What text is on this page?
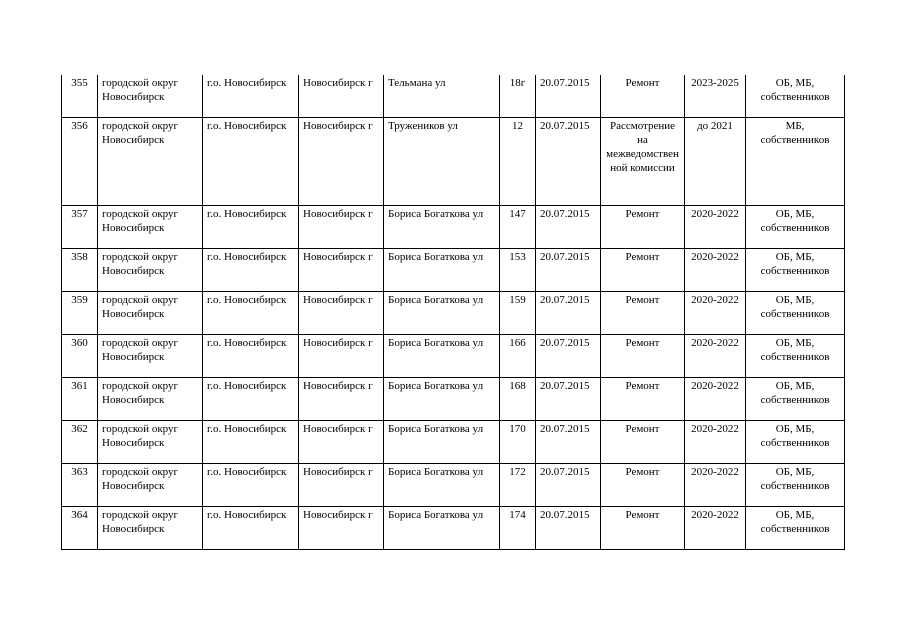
355	городской округ Новосибирск	г.о. Новосибирск	Новосибирск г	Тельмана ул	18г	20.07.2015	Ремонт	2023-2025	ОБ, МБ, собственников
356	городской округ Новосибирск	г.о. Новосибирск	Новосибирск г	Тружеников ул	12	20.07.2015	Рассмотрение на межведомственной комиссии	до 2021	МБ, собственников
357	городской округ Новосибирск	г.о. Новосибирск	Новосибирск г	Бориса Богаткова ул	147	20.07.2015	Ремонт	2020-2022	ОБ, МБ, собственников
358	городской округ Новосибирск	г.о. Новосибирск	Новосибирск г	Бориса Богаткова ул	153	20.07.2015	Ремонт	2020-2022	ОБ, МБ, собственников
359	городской округ Новосибирск	г.о. Новосибирск	Новосибирск г	Бориса Богаткова ул	159	20.07.2015	Ремонт	2020-2022	ОБ, МБ, собственников
360	городской округ Новосибирск	г.о. Новосибирск	Новосибирск г	Бориса Богаткова ул	166	20.07.2015	Ремонт	2020-2022	ОБ, МБ, собственников
361	городской округ Новосибирск	г.о. Новосибирск	Новосибирск г	Бориса Богаткова ул	168	20.07.2015	Ремонт	2020-2022	ОБ, МБ, собственников
362	городской округ Новосибирск	г.о. Новосибирск	Новосибирск г	Бориса Богаткова ул	170	20.07.2015	Ремонт	2020-2022	ОБ, МБ, собственников
363	городской округ Новосибирск	г.о. Новосибирск	Новосибирск г	Бориса Богаткова ул	172	20.07.2015	Ремонт	2020-2022	ОБ, МБ, собственников
364	городской округ Новосибирск	г.о. Новосибирск	Новосибирск г	Бориса Богаткова ул	174	20.07.2015	Ремонт	2020-2022	ОБ, МБ, собственников
